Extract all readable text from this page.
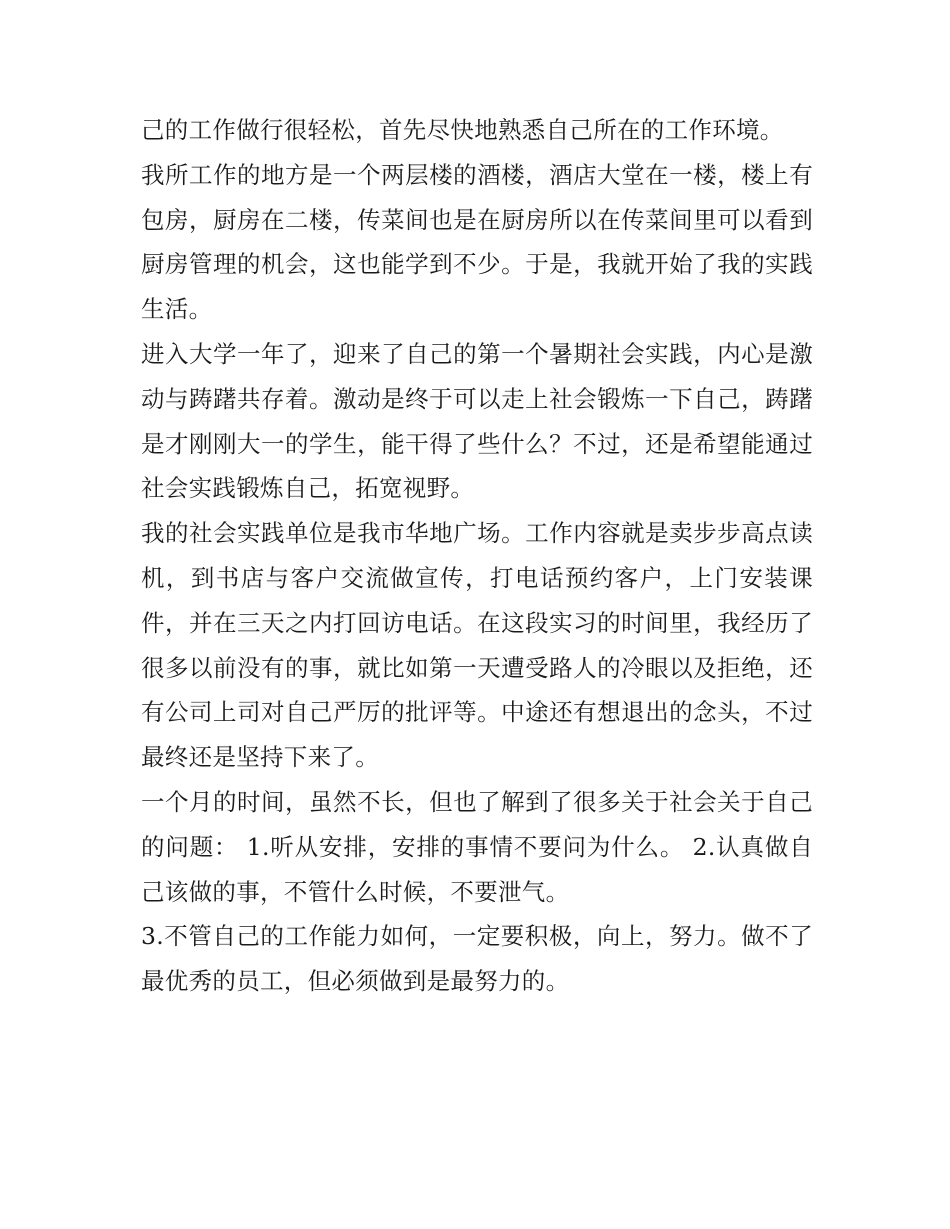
己的工作做行很轻松，首先尽快地熟悉自己所在的工作环境。

我所工作的地方是一个两层楼的酒楼，酒店大堂在一楼，楼上有包房，厨房在二楼，传菜间也是在厨房所以在传菜间里可以看到厨房管理的机会，这也能学到不少。于是，我就开始了我的实践生活。

进入大学一年了，迎来了自己的第一个暑期社会实践，内心是激动与踌躇共存着。激动是终于可以走上社会锻炼一下自己，踌躇是才刚刚大一的学生，能干得了些什么？不过，还是希望能通过社会实践锻炼自己，拓宽视野。

我的社会实践单位是我市华地广场。工作内容就是卖步步高点读机，到书店与客户交流做宣传，打电话预约客户，上门安装课件，并在三天之内打回访电话。在这段实习的时间里，我经历了很多以前没有的事，就比如第一天遭受路人的冷眼以及拒绝，还有公司上司对自己严厉的批评等。中途还有想退出的念头，不过最终还是坚持下来了。

一个月的时间，虽然不长，但也了解到了很多关于社会关于自己的问题： 1.听从安排，安排的事情不要问为什么。 2.认真做自己该做的事，不管什么时候，不要泄气。

3.不管自己的工作能力如何，一定要积极，向上，努力。做不了最优秀的员工，但必须做到是最努力的。
